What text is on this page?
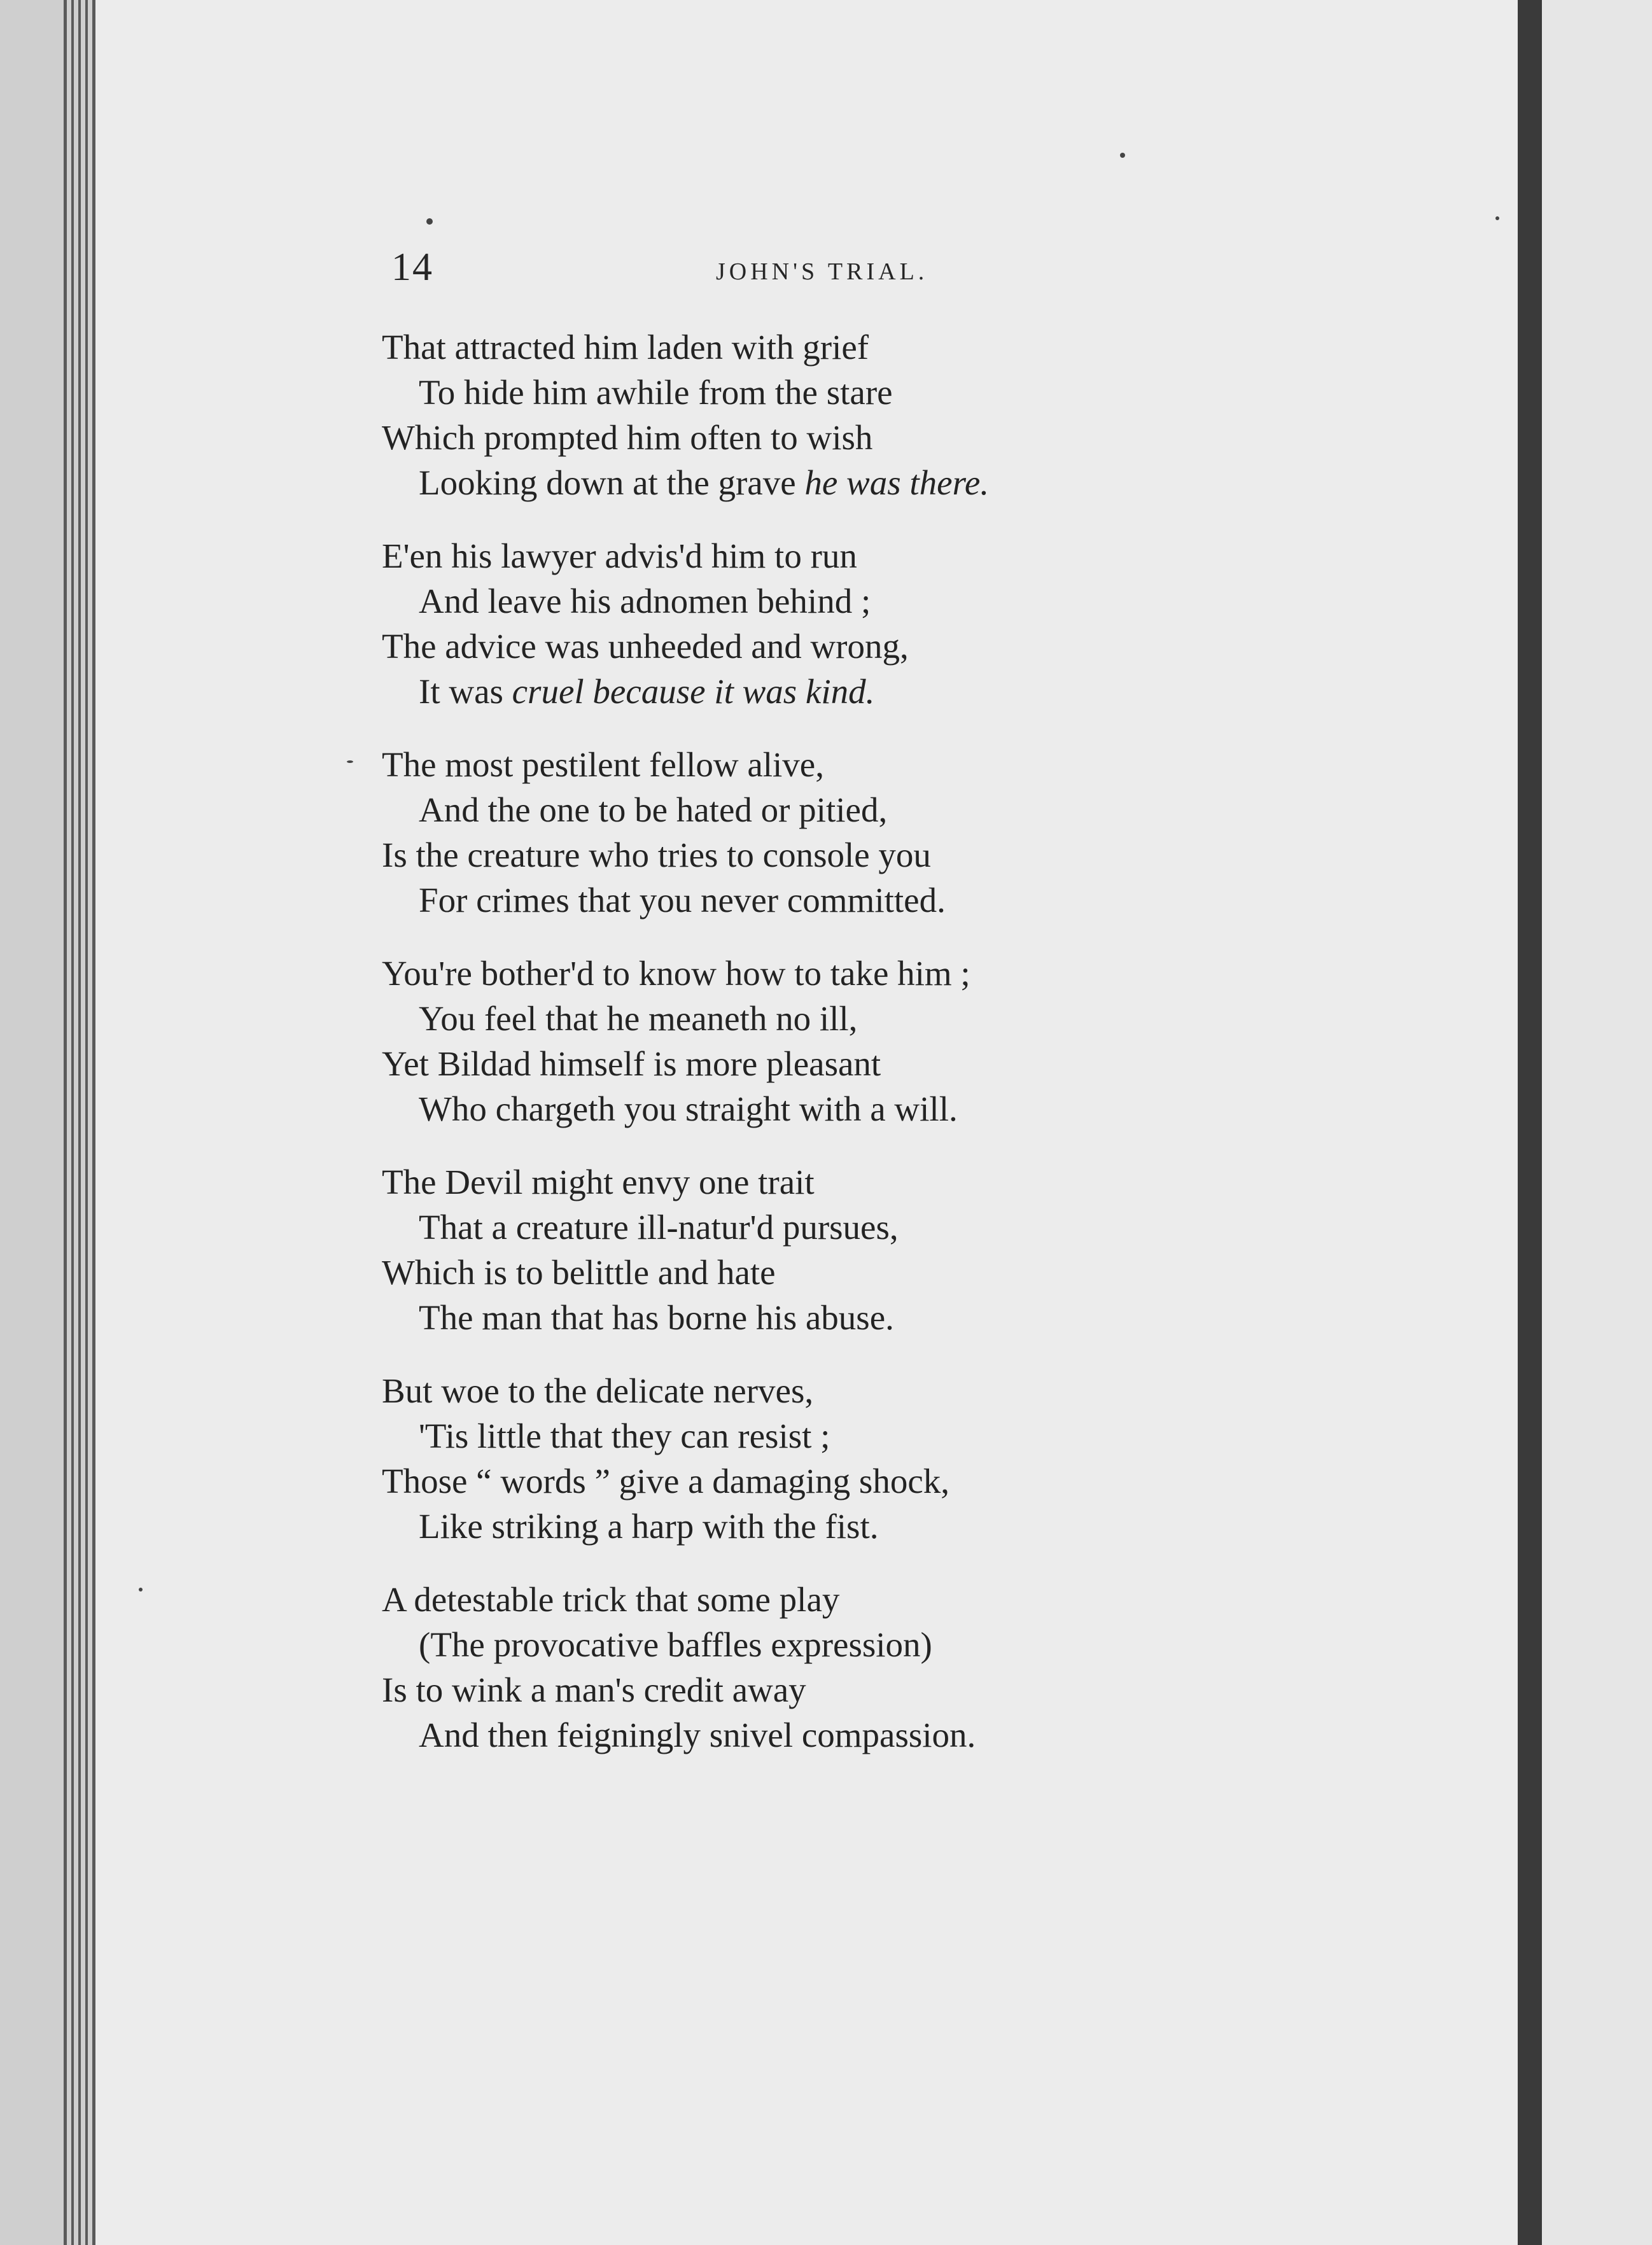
14	JOHN'S TRIAL.
That attracted him laden with grief
To hide him awhile from the stare
Which prompted him often to wish
Looking down at the grave he was there.
E'en his lawyer advis'd him to run
And leave his adnomen behind ;
The advice was unheeded and wrong,
It was cruel because it was kind.
The most pestilent fellow alive,
And the one to be hated or pitied,
Is the creature who tries to console you
For crimes that you never committed.
You're bother'd to know how to take him ;
You feel that he meaneth no ill,
Yet Bildad himself is more pleasant
Who chargeth you straight with a will.
The Devil might envy one trait
That a creature ill-natur'd pursues,
Which is to belittle and hate
The man that has borne his abuse.
But woe to the delicate nerves,
'Tis little that they can resist ;
Those “ words ” give a damaging shock,
Like striking a harp with the fist.
A detestable trick that some play
(The provocative baffles expression)
Is to wink a man's credit away
And then feigningly snivel compassion.
